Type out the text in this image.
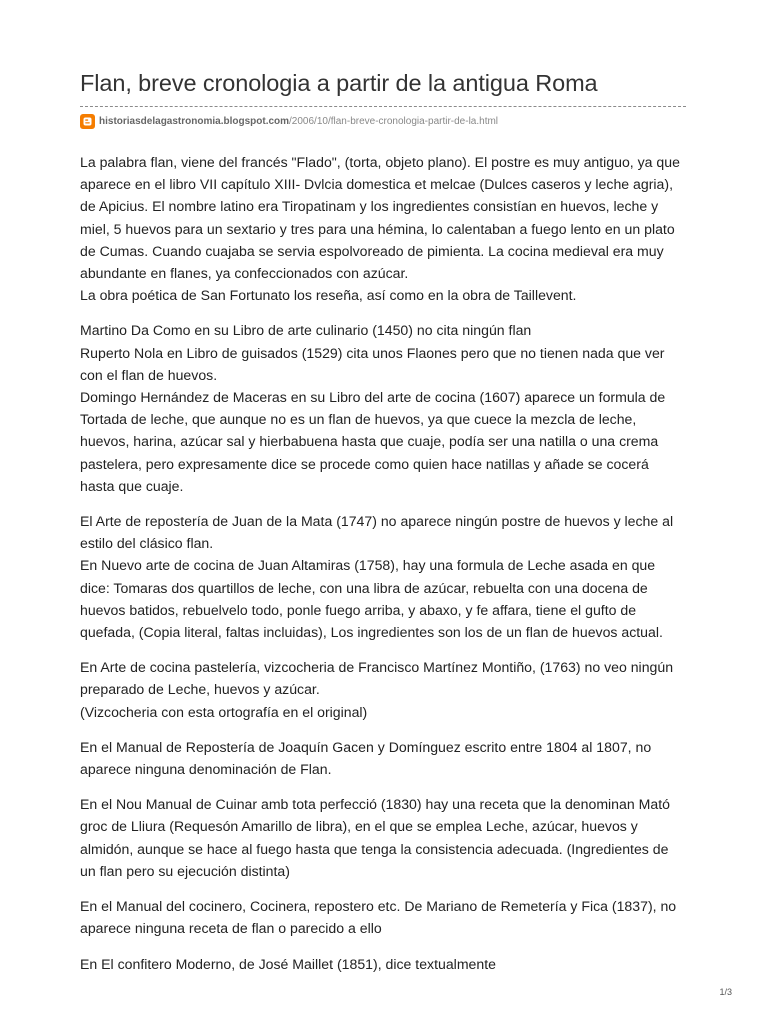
Flan, breve cronologia a partir de la antigua Roma
historiasdelagastronomia.blogspot.com /2006/10/flan-breve-cronologia-partir-de-la.html

La palabra flan, viene del francés "Flado", (torta, objeto plano). El postre es muy antiguo, ya que
aparece en el libro VII capítulo XIII- Dvlcia domestica et melcae (Dulces caseros y leche agria),
de Apicius. El nombre latino era Tiropatinam y los ingredientes consistían en huevos, leche y
miel, 5 huevos para un sextario y tres para una hémina, lo calentaban a fuego lento en un plato
de Cumas. Cuando cuajaba se servia espolvoreado de pimienta. La cocina medieval era muy
abundante en flanes, ya confeccionados con azúcar.
La obra poética de San Fortunato los reseña, así como en la obra de Taillevent.

Martino Da Como en su Libro de arte culinario (1450) no cita ningún flan
Ruperto Nola en Libro de guisados (1529) cita unos Flaones pero que no tienen nada que ver
con el flan de huevos.
Domingo Hernández de Maceras en su Libro del arte de cocina (1607) aparece un formula de
Tortada de leche, que aunque no es un flan de huevos, ya que cuece la mezcla de leche,
huevos, harina, azúcar sal y hierbabuena hasta que cuaje, podía ser una natilla o una crema
pastelera, pero expresamente dice se procede como quien hace natillas y añade se cocerá
hasta que cuaje.

El Arte de repostería de Juan de la Mata (1747) no aparece ningún postre de huevos y leche al
estilo del clásico flan.
En Nuevo arte de cocina de Juan Altamiras (1758), hay una formula de Leche asada en que
dice: Tomaras dos quartillos de leche, con una libra de azúcar, rebuelta con una docena de
huevos batidos, rebuelvelo todo, ponle fuego arriba, y abaxo, y fe affara, tiene el gufto de
quefada, (Copia literal, faltas incluidas), Los ingredientes son los de un flan de huevos actual.

En Arte de cocina pastelería, vizcocheria de Francisco Martínez Montiño, (1763) no veo ningún
preparado de Leche, huevos y azúcar.
(Vizcocheria con esta ortografía en el original)

En el Manual de Repostería de Joaquín Gacen y Domínguez escrito entre 1804 al 1807, no
aparece ninguna denominación de Flan.

En el Nou Manual de Cuinar amb tota perfecció (1830) hay una receta que la denominan Mató
groc de Lliura (Requesón Amarillo de libra), en el que se emplea Leche, azúcar, huevos y
almidón, aunque se hace al fuego hasta que tenga la consistencia adecuada. (Ingredientes de
un flan pero su ejecución distinta)

En el Manual del cocinero, Cocinera, repostero etc. De Mariano de Remetería y Fica (1837), no
aparece ninguna receta de flan o parecido a ello

En El confitero Moderno, de José Maillet (1851), dice textualmente

1/3
